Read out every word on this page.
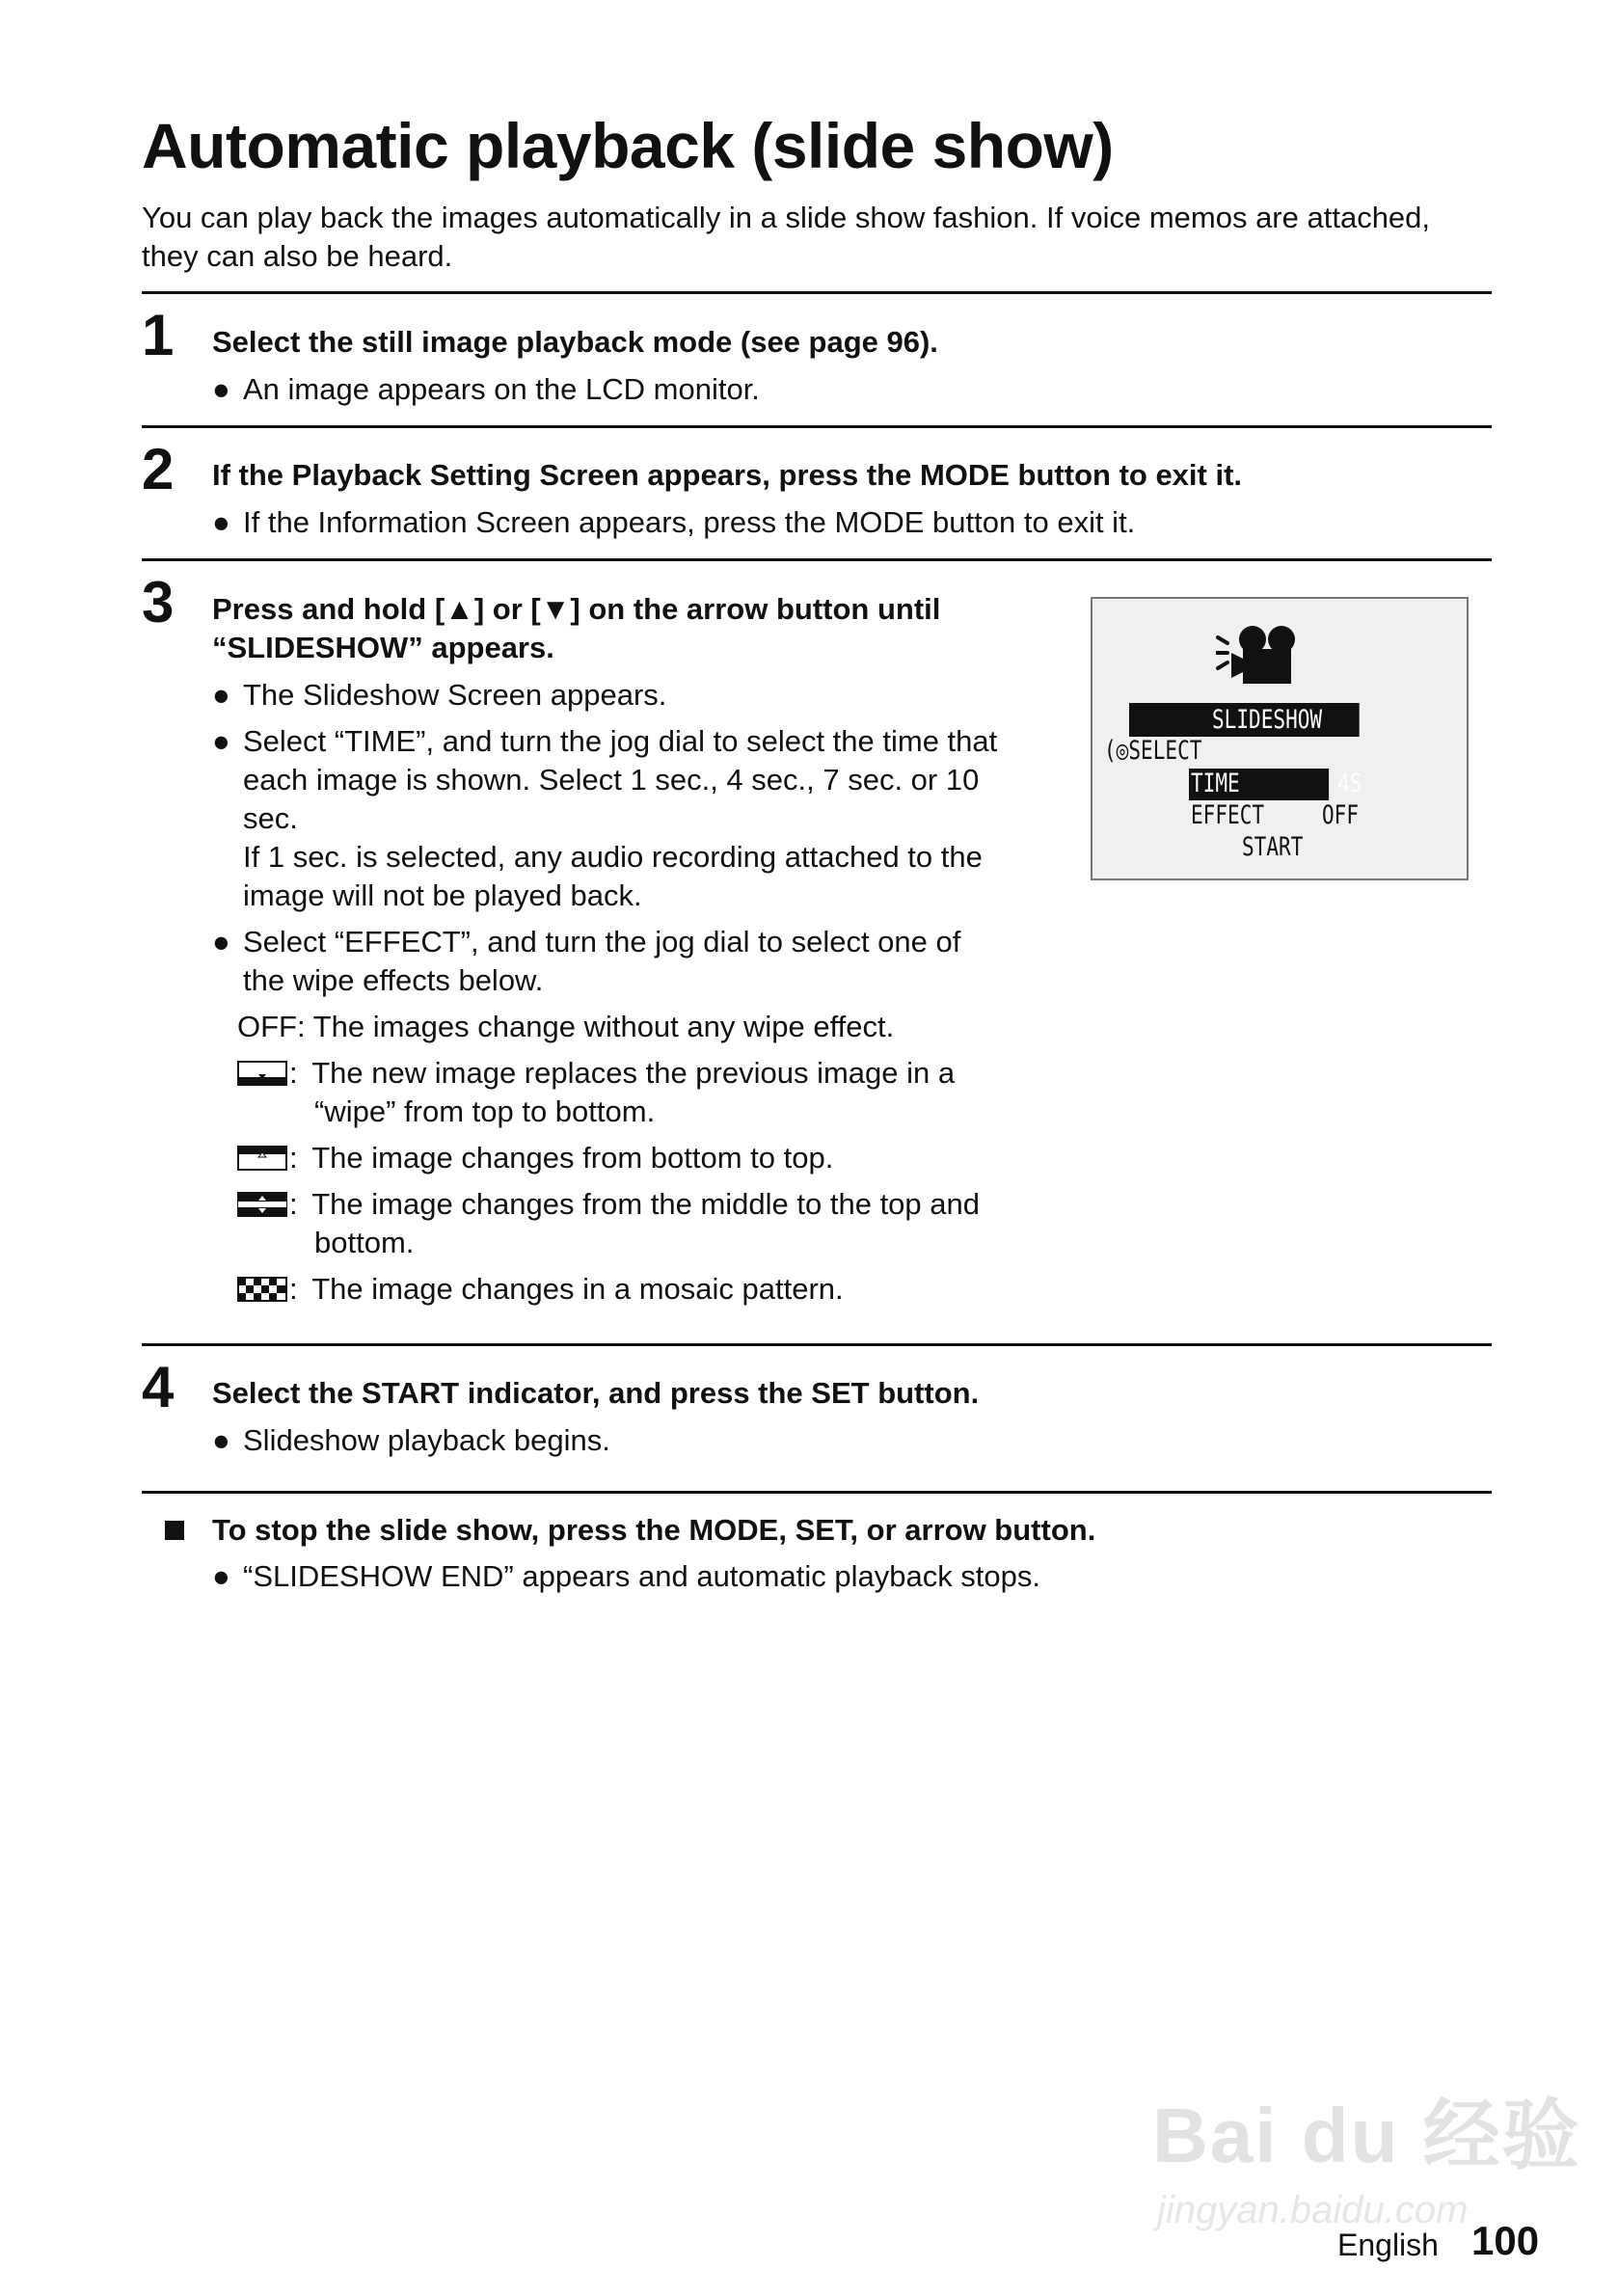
Automatic playback (slide show)
You can play back the images automatically in a slide show fashion. If voice memos are attached, they can also be heard.
1 Select the still image playback mode (see page 96).
● An image appears on the LCD monitor.
2 If the Playback Setting Screen appears, press the MODE button to exit it.
● If the Information Screen appears, press the MODE button to exit it.
3 Press and hold [▲] or [▼] on the arrow button until
“SLIDESHOW” appears.
● The Slideshow Screen appears.
● Select “TIME”, and turn the jog dial to select the time that
each image is shown. Select 1 sec., 4 sec., 7 sec. or 10
sec.
If 1 sec. is selected, any audio recording attached to the
image will not be played back.
● Select “EFFECT”, and turn the jog dial to select one of
the wipe effects below.
OFF: The images change without any wipe effect.
: The new image replaces the previous image in a
“wipe” from top to bottom.
: The image changes from bottom to top.
: The image changes from the middle to the top and
bottom.
: The image changes in a mosaic pattern.
SLIDESHOW
(◎SELECT
TIME	4S
EFFECT OFF
START
4 Select the START indicator, and press the SET button.
● Slideshow playback begins.
To stop the slide show, press the MODE, SET, or arrow button.
● “SLIDESHOW END” appears and automatic playback stops.
Bai du 经验
jingyan.baidu.com
English 100
